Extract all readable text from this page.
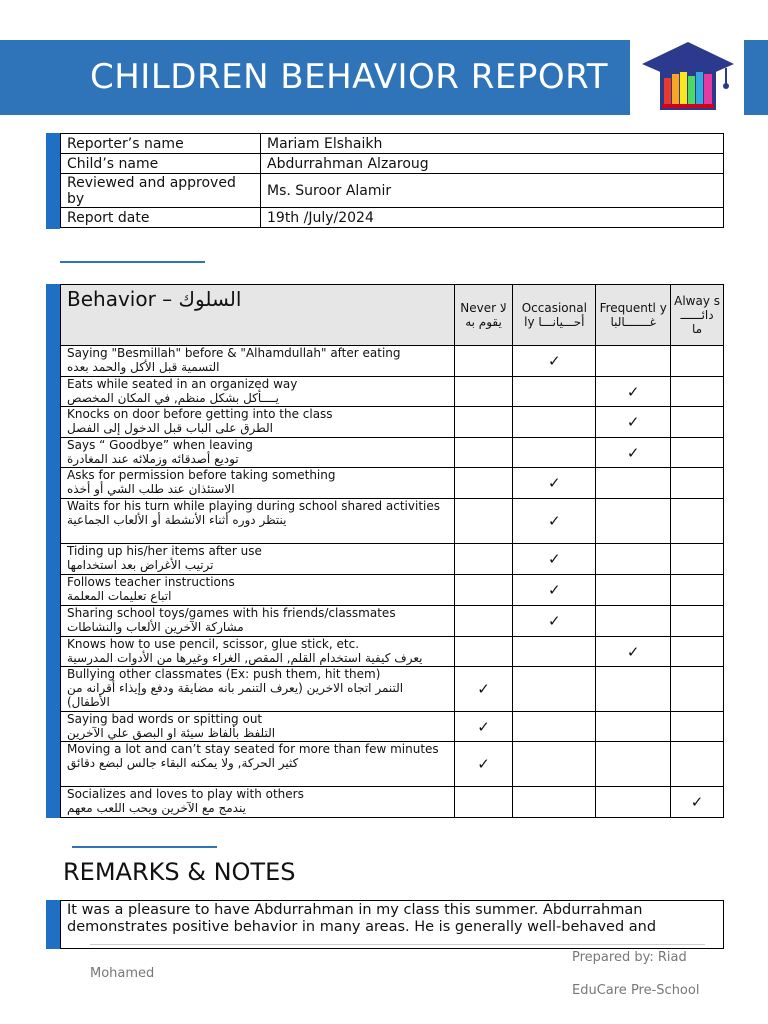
CHILDREN BEHAVIOR REPORT
Reporter’s name	Mariam Elshaikh
Child’s name	Abdurrahman Alzaroug
Reviewed and approved by	Ms. Suroor Alamir
Report date	19th /July/2024
Behavior – السلوك	Never لا يقوم به	Occasional ly أحـــيانـــا	Frequentl y غـــــــالبا	Alway s دائــــــ ما

Saying "Besmillah" before & "Alhamdullah" after eating
التسمية قبل الأكل والحمد بعده		✓		

Eats while seated in an organized way
يــــأكل بشكل منظم, في المكان المخصص			✓	

Knocks on door before getting into the class
الطرق على الباب قبل الدخول إلى الفصل			✓	

Says “ Goodbye” when leaving
توديع أصدقائه وزملائه عند المغادرة			✓	

Asks for permission before taking something
الاستئذان عند طلب الشي أو أخذه		✓		

Waits for his turn while playing during school shared activities
ينتظر دوره أثناء الأنشطة أو الألعاب الجماعية		✓		

Tiding up his/her items after use
ترتيب الأغراض بعد استخدامها		✓		

Follows teacher instructions
اتباع تعليمات المعلمة		✓		

Sharing school toys/games with his friends/classmates
مشاركة الآخرين الألعاب والنشاطات		✓		

Knows how to use pencil, scissor, glue stick, etc.
يعرف كيفية استخدام القلم, المقص, الغراء وغيرها من الأدوات المدرسية			✓	

Bullying other classmates (Ex: push them, hit them)
التنمر اتجاه الاخرين (يعرف التنمر بانه مضايقة ودفع وإيذاء أقرانه من الأطفال)	✓			

Saying bad words or spitting out
التلفظ بألفاظ سيئة او البصق علي الآخرين	✓			

Moving a lot and can’t stay seated for more than few minutes
كثير الحركة, ولا يمكنه البقاء جالس لبضع دقائق	✓			

Socializes and loves to play with others
يندمج مع الآخرين ويحب اللعب معهم				✓
REMARKS & NOTES
It was a pleasure to have Abdurrahman in my class this summer. Abdurrahman demonstrates positive behavior in many areas. He is generally well-behaved and
Prepared by: Riad
Mohamed
EduCare Pre-School
